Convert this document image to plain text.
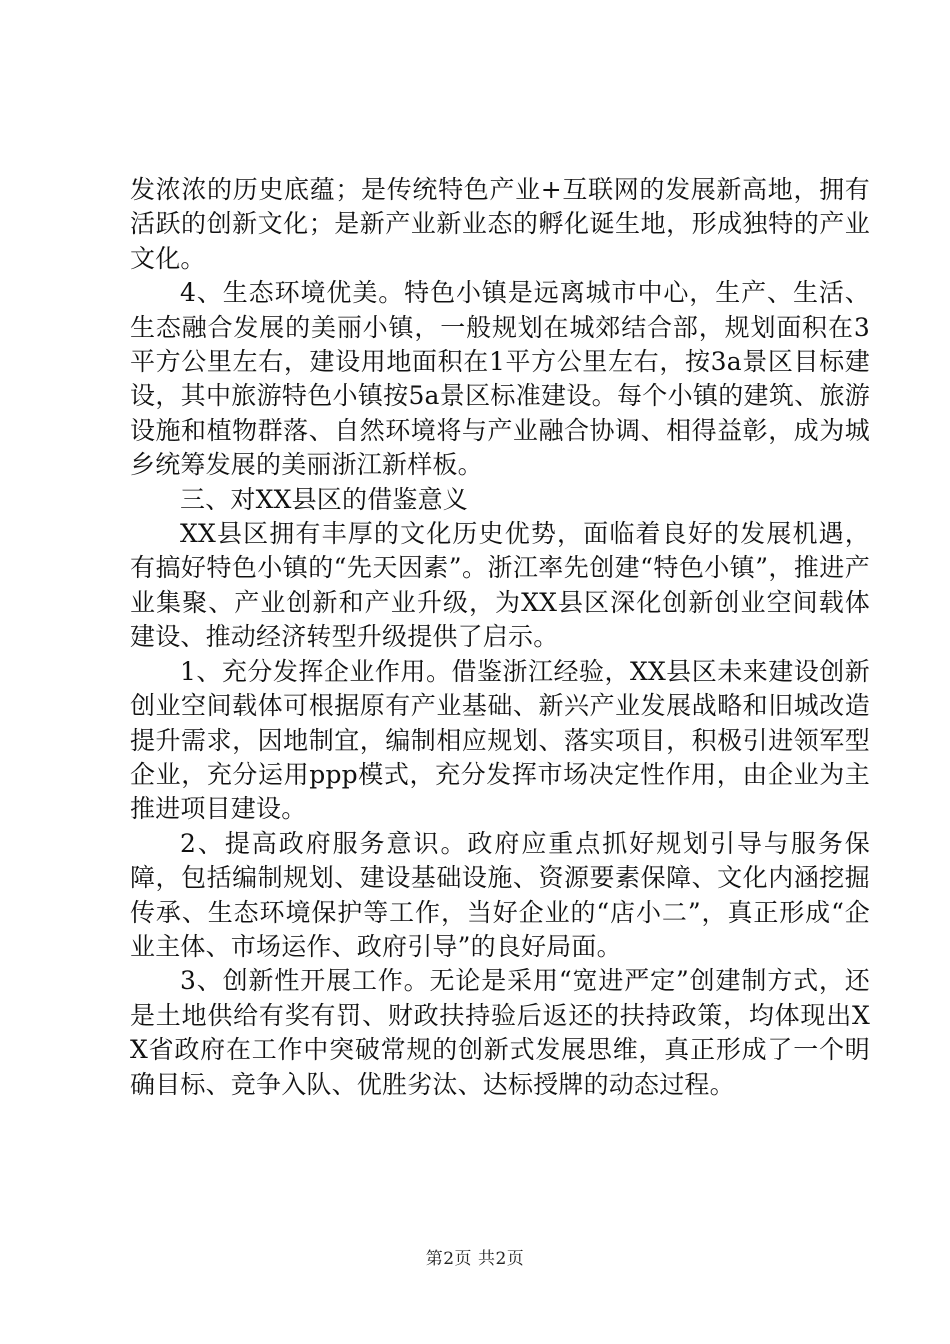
发浓浓的历史底蕴；是传统特色产业+互联网的发展新高地，拥有活跃的创新文化；是新产业新业态的孵化诞生地，形成独特的产业文化。

4、生态环境优美。特色小镇是远离城市中心，生产、生活、生态融合发展的美丽小镇，一般规划在城郊结合部，规划面积在3平方公里左右，建设用地面积在1平方公里左右，按3a景区目标建设，其中旅游特色小镇按5a景区标准建设。每个小镇的建筑、旅游设施和植物群落、自然环境将与产业融合协调、相得益彰，成为城乡统筹发展的美丽浙江新样板。

三、对XX县区的借鉴意义

XX县区拥有丰厚的文化历史优势，面临着良好的发展机遇，有搞好特色小镇的“先天因素”。浙江率先创建“特色小镇”，推进产业集聚、产业创新和产业升级，为XX县区深化创新创业空间载体建设、推动经济转型升级提供了启示。

1、充分发挥企业作用。借鉴浙江经验，XX县区未来建设创新创业空间载体可根据原有产业基础、新兴产业发展战略和旧城改造提升需求，因地制宜，编制相应规划、落实项目，积极引进领军型企业，充分运用ppp模式，充分发挥市场决定性作用，由企业为主推进项目建设。

2、提高政府服务意识。政府应重点抓好规划引导与服务保障，包括编制规划、建设基础设施、资源要素保障、文化内涵挖掘传承、生态环境保护等工作，当好企业的“店小二”，真正形成“企业主体、市场运作、政府引导”的良好局面。

3、创新性开展工作。无论是采用“宽进严定”创建制方式，还是土地供给有奖有罚、财政扶持验后返还的扶持政策，均体现出XX省政府在工作中突破常规的创新式发展思维，真正形成了一个明确目标、竞争入队、优胜劣汰、达标授牌的动态过程。

第2页 共2页
